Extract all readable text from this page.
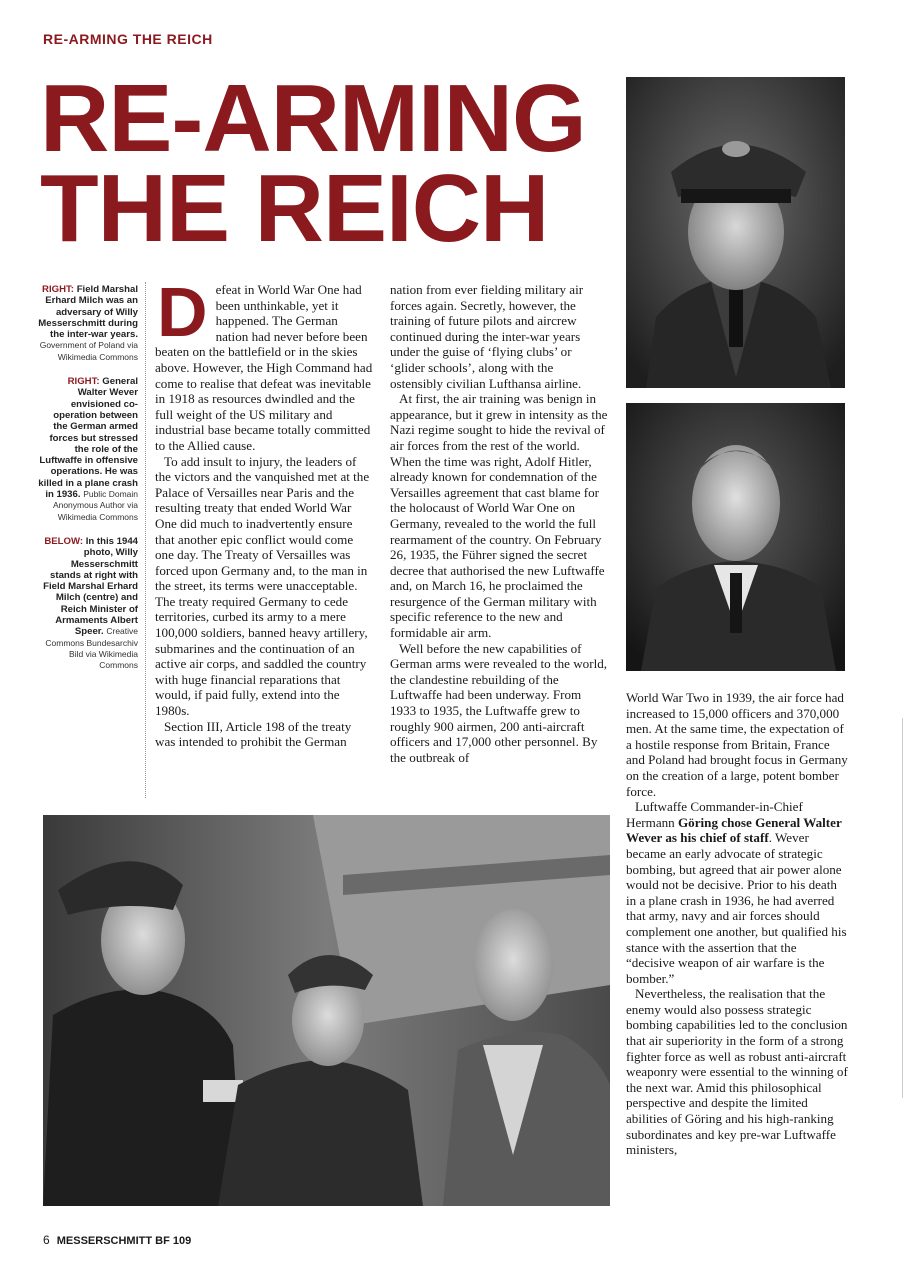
RE-ARMING THE REICH
RE-ARMING
THE REICH
RIGHT: Field Marshal Erhard Milch was an adversary of Willy Messerschmitt during the inter-war years. Government of Poland via Wikimedia Commons
RIGHT: General Walter Wever envisioned co-operation between the German armed forces but stressed the role of the Luftwaffe in offensive operations. He was killed in a plane crash in 1936. Public Domain Anonymous Author via Wikimedia Commons
BELOW: In this 1944 photo, Willy Messerschmitt stands at right with Field Marshal Erhard Milch (centre) and Reich Minister of Armaments Albert Speer. Creative Commons Bundesarchiv Bild via Wikimedia Commons

Defeat in World War One had been unthinkable, yet it happened. The German nation had never before been beaten on the battlefield or in the skies above. However, the High Command had come to realise that defeat was inevitable in 1918 as resources dwindled and the full weight of the US military and industrial base became totally committed to the Allied cause.

To add insult to injury, the leaders of the victors and the vanquished met at the Palace of Versailles near Paris and the resulting treaty that ended World War One did much to inadvertently ensure that another epic conflict would come one day. The Treaty of Versailles was forced upon Germany and, to the man in the street, its terms were unacceptable. The treaty required Germany to cede territories, curbed its army to a mere 100,000 soldiers, banned heavy artillery, submarines and the continuation of an active air corps, and saddled the country with huge financial reparations that would, if paid fully, extend into the 1980s.

Section III, Article 198 of the treaty was intended to prohibit the German

nation from ever fielding military air forces again. Secretly, however, the training of future pilots and aircrew continued during the inter-war years under the guise of ‘flying clubs’ or ‘glider schools’, along with the ostensibly civilian Lufthansa airline.

At first, the air training was benign in appearance, but it grew in intensity as the Nazi regime sought to hide the revival of air forces from the rest of the world. When the time was right, Adolf Hitler, already known for condemnation of the Versailles agreement that cast blame for the holocaust of World War One on Germany, revealed to the world the full rearmament of the country. On February 26, 1935, the Führer signed the secret decree that authorised the new Luftwaffe and, on March 16, he proclaimed the resurgence of the German military with specific reference to the new and formidable air arm.

Well before the new capabilities of German arms were revealed to the world, the clandestine rebuilding of the Luftwaffe had been underway. From 1933 to 1935, the Luftwaffe grew to roughly 900 airmen, 200 anti-aircraft officers and 17,000 other personnel. By the outbreak of

World War Two in 1939, the air force had increased to 15,000 officers and 370,000 men. At the same time, the expectation of a hostile response from Britain, France and Poland had brought focus in Germany on the creation of a large, potent bomber force.

Luftwaffe Commander-in-Chief Hermann Göring chose General Walter Wever as his chief of staff. Wever became an early advocate of strategic bombing, but agreed that air power alone would not be decisive. Prior to his death in a plane crash in 1936, he had averred that army, navy and air forces should complement one another, but qualified his stance with the assertion that the “decisive weapon of air warfare is the bomber.”

Nevertheless, the realisation that the enemy would also possess strategic bombing capabilities led to the conclusion that air superiority in the form of a strong fighter force as well as robust anti-aircraft weaponry were essential to the winning of the next war. Amid this philosophical perspective and despite the limited abilities of Göring and his high-ranking subordinates and key pre-war Luftwaffe ministers,

6 MESSERSCHMITT BF 109
